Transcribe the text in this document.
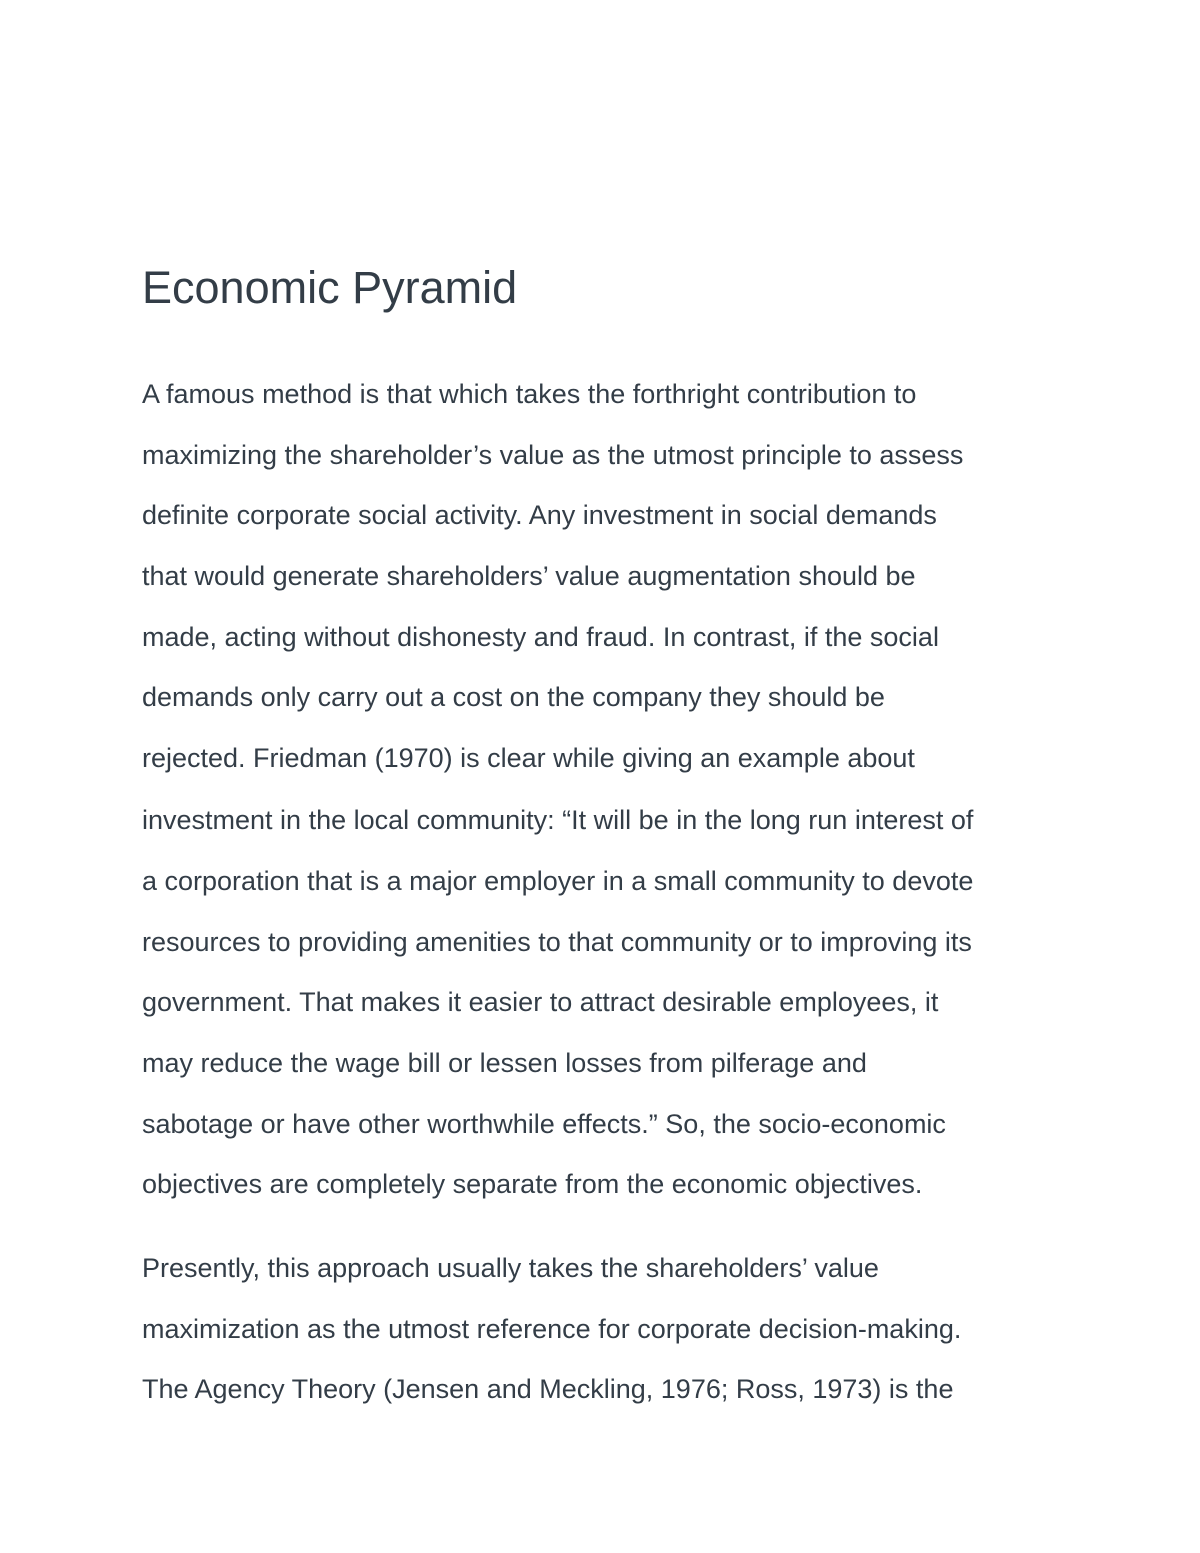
Economic Pyramid

A famous method is that which takes the forthright contribution to

maximizing the shareholder’s value as the utmost principle to assess

definite corporate social activity. Any investment in social demands

that would generate shareholders’ value augmentation should be

made, acting without dishonesty and fraud. In contrast, if the social

demands only carry out a cost on the company they should be

rejected. Friedman (1970) is clear while giving an example about

investment in the local community: “It will be in the long run interest of

a corporation that is a major employer in a small community to devote

resources to providing amenities to that community or to improving its

government. That makes it easier to attract desirable employees, it

may reduce the wage bill or lessen losses from pilferage and

sabotage or have other worthwhile effects.” So, the socio-economic

objectives are completely separate from the economic objectives.

Presently, this approach usually takes the shareholders’ value

maximization as the utmost reference for corporate decision-making.

The Agency Theory (Jensen and Meckling, 1976; Ross, 1973) is the
